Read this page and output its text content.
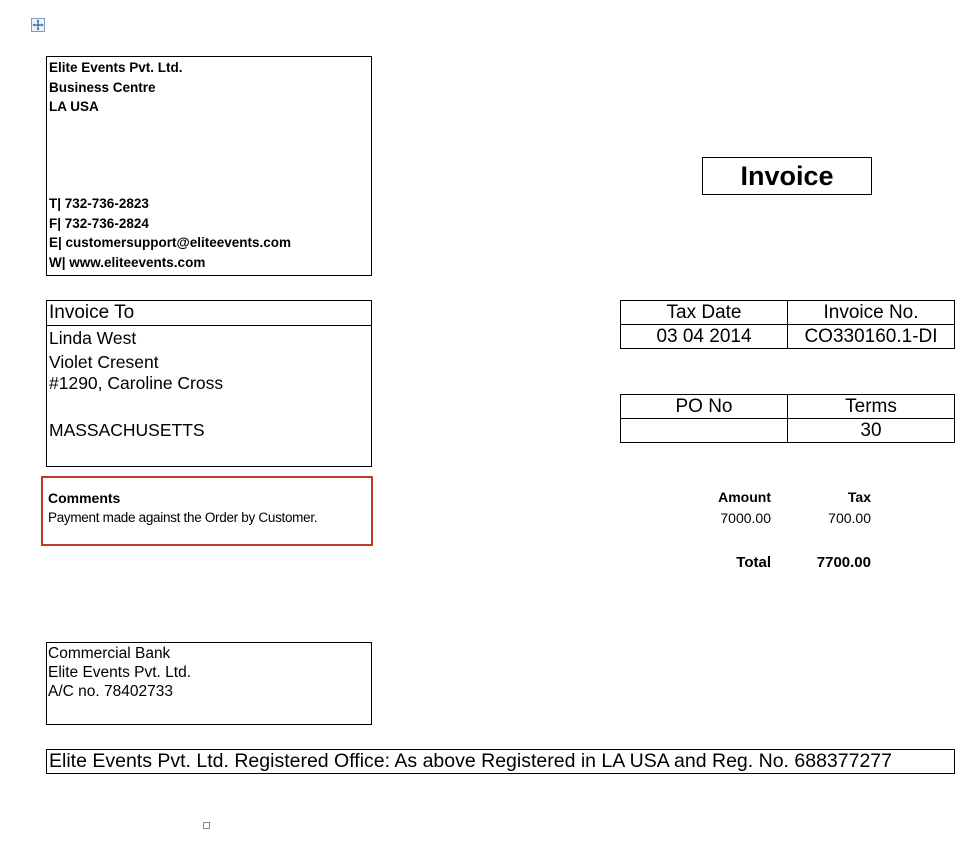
Elite Events Pvt. Ltd.
Business Centre
LA USA
T| 732-736-2823
F| 732-736-2824
E| customersupport@eliteevents.com
W| www.eliteevents.com
Invoice
Invoice To
Linda West
Violet Cresent
#1290, Caroline Cross
MASSACHUSETTS
Tax Date	Invoice No.
03 04 2014	CO330160.1-DI
PO No	Terms
	30
Comments
Payment made against the Order by Customer.
Amount	Tax
7000.00	700.00
Total	7700.00
Commercial Bank
Elite Events Pvt. Ltd.
A/C no. 78402733
Elite Events Pvt. Ltd. Registered Office: As above Registered in LA USA and Reg. No. 688377277
